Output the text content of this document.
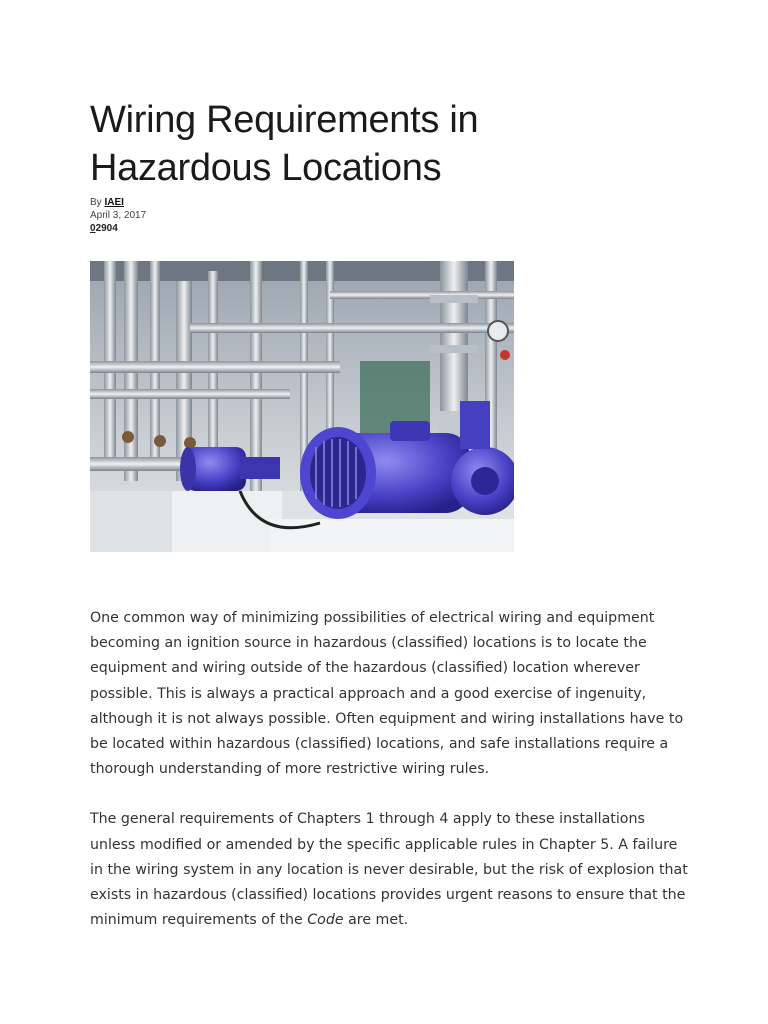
Wiring Requirements in Hazardous Locations
By IAEI
April 3, 2017
02904

One common way of minimizing possibilities of electrical wiring and equipment becoming an ignition source in hazardous (classified) locations is to locate the equipment and wiring outside of the hazardous (classified) location wherever possible. This is always a practical approach and a good exercise of ingenuity, although it is not always possible. Often equipment and wiring installations have to be located within hazardous (classified) locations, and safe installations require a thorough understanding of more restrictive wiring rules.

The general requirements of Chapters 1 through 4 apply to these installations unless modified or amended by the specific applicable rules in Chapter 5. A failure in the wiring system in any location is never desirable, but the risk of explosion that exists in hazardous (classified) locations provides urgent reasons to ensure that the minimum requirements of the Code are met.
